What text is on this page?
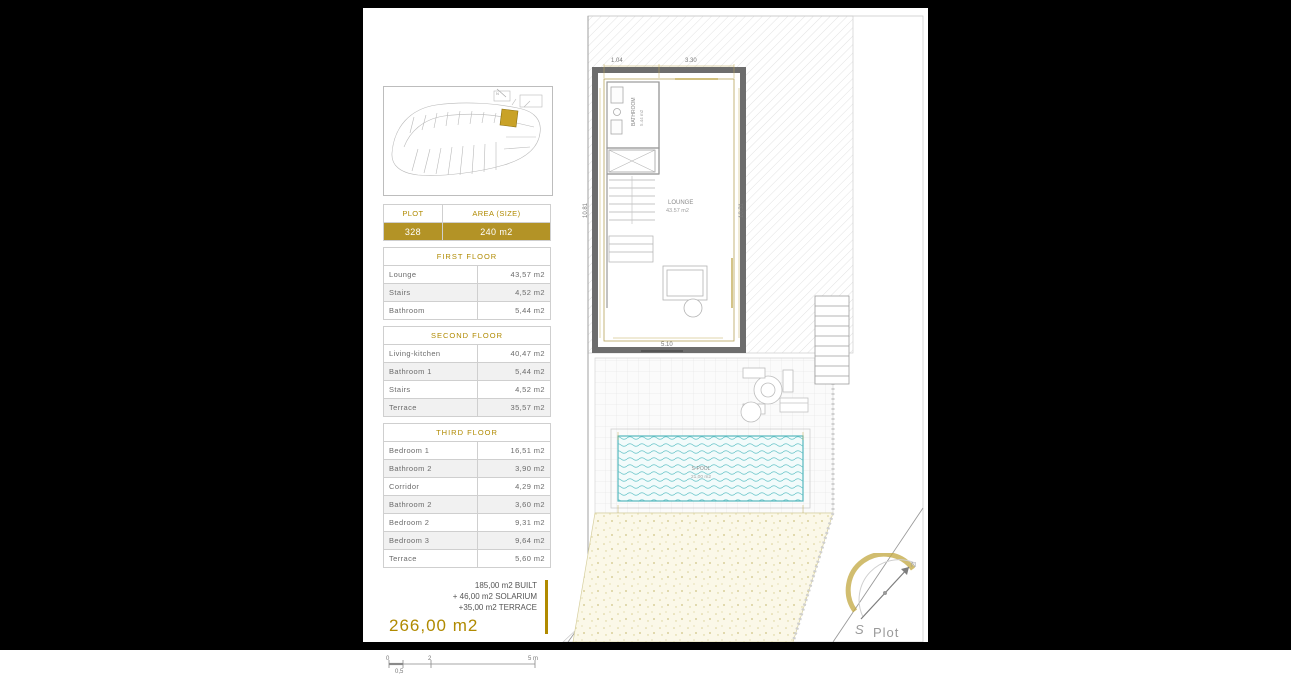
N
PLOT	AREA (SIZE)
328	240 m2
FIRST FLOOR	
Lounge	43,57 m2
Stairs	4,52 m2
Bathroom	5,44 m2
SECOND FLOOR	
Living-kitchen	40,47 m2
Bathroom 1	5,44 m2
Stairs	4,52 m2
Terrace	35,57 m2
THIRD FLOOR	
Bedroom 1	16,51 m2
Bathroom 2	3,90 m2
Corridor	4,29 m2
Bathroom 2	3,60 m2
Bedroom 2	9,31 m2
Bedroom 3	9,64 m2
Terrace	5,60 m2
185,00 m2 BUILT
+ 46,00 m2 SOLARIUM
+35,00 m2 TERRACE
266,00 m2
0
0,5
2	5 m
1.04	3.30
10.81	10.31
5.10
LOUNGE
43.57 m2
BATHROOM 5.44 m2
S-POOL
21,00 m2
N
S Plot
